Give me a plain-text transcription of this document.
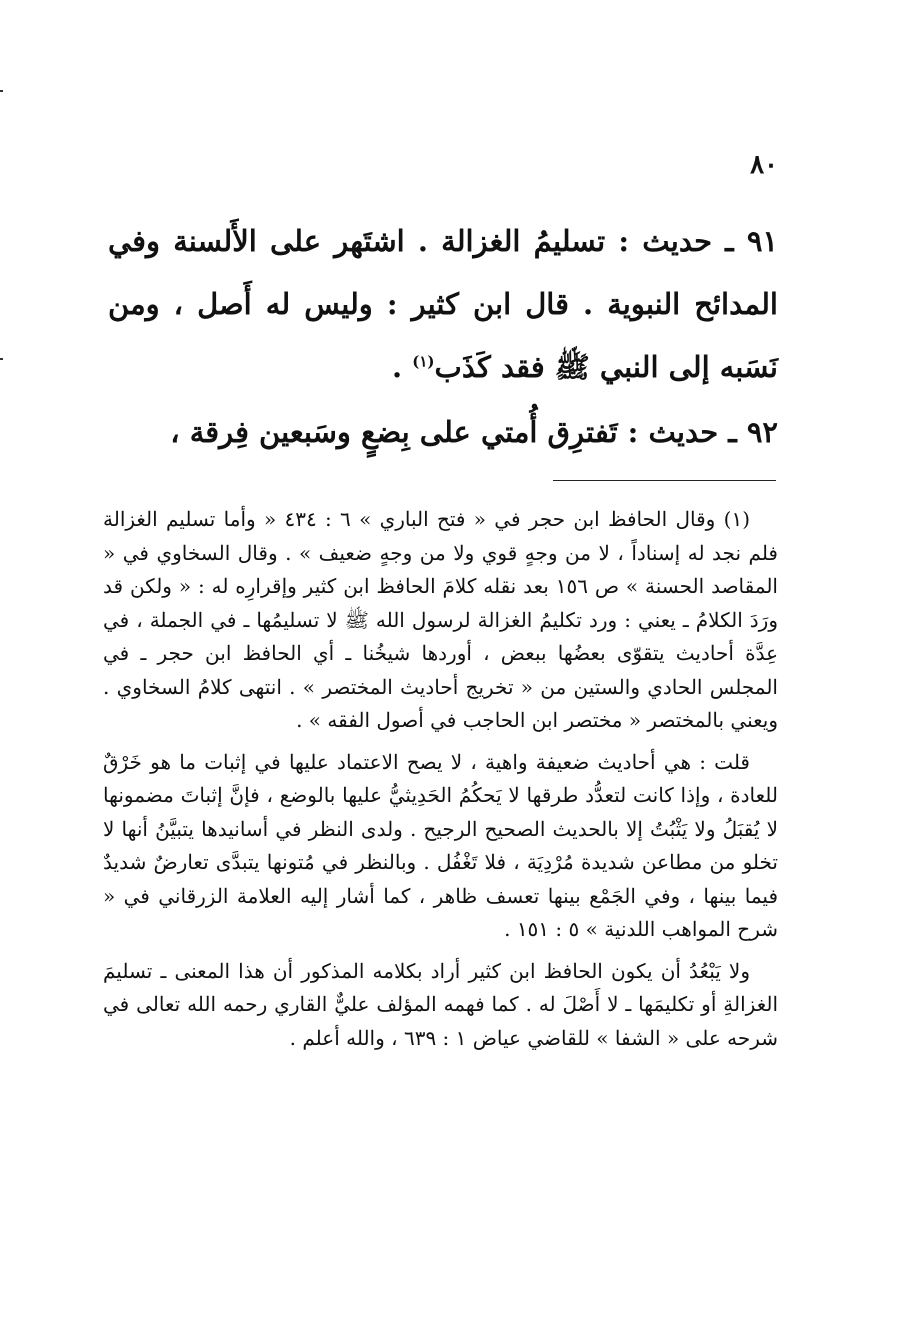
٨٠

٩١ ـ حديث : تسليمُ الغزالة . اشتَهر على الأَلسنة وفي المدائح النبوية . قال ابن كثير : وليس له أَصل ، ومن نَسَبه إلى النبي ﷺ فقد كَذَب$^{(١)}$ .

٩٢ ـ حديث : تَفترِق أُمتي على بِضعٍ وسَبعين فِرقة ،

(١) وقال الحافظ ابن حجر في « فتح الباري » ٦ : ٤٣٤ « وأما تسليم الغزالة فلم نجد له إسناداً ، لا من وجهٍ قوي ولا من وجهٍ ضعيف » . وقال السخاوي في « المقاصد الحسنة » ص ١٥٦ بعد نقله كلامَ الحافظ ابن كثير وإقرارِه له : « ولكن قد ورَدَ الكلامُ ـ يعني : ورد تكليمُ الغزالة لرسول الله ﷺ لا تسليمُها ـ في الجملة ، في عِدَّة أحاديث يتقوّى بعضُها ببعض ، أوردها شيخُنا ـ أي الحافظ ابن حجر ـ في المجلس الحادي والستين من « تخريج أحاديث المختصر » . انتهى كلامُ السخاوي . ويعني بالمختصر « مختصر ابن الحاجب في أصول الفقه » .

قلت : هي أحاديث ضعيفة واهية ، لا يصح الاعتماد عليها في إثبات ما هو خَرْقٌ للعادة ، وإذا كانت لتعدُّد طرقها لا يَحكُمُ الحَدِيثيُّ عليها بالوضع ، فإنَّ إثباتَ مضمونها لا يُقبَلُ ولا يَثْبُتُ إلا بالحديث الصحيح الرجيح . ولدى النظر في أسانيدها يتبيَّنُ أنها لا تخلو من مطاعن شديدة مُرْدِيَة ، فلا تَغْفُل . وبالنظر في مُتونها يتبدَّى تعارضٌ شديدٌ فيما بينها ، وفي الجَمْع بينها تعسف ظاهر ، كما أشار إليه العلامة الزرقاني في « شرح المواهب اللدنية » ٥ : ١٥١ .

ولا يَبْعُدُ أن يكون الحافظ ابن كثير أراد بكلامه المذكور أن هذا المعنى ـ تسليمَ الغزالةِ أو تكليمَها ـ لا أَصْلَ له . كما فهمه المؤلف عليٌّ القاري رحمه الله تعالى في شرحه على « الشفا » للقاضي عياض ١ : ٦٣٩ ، والله أعلم .
